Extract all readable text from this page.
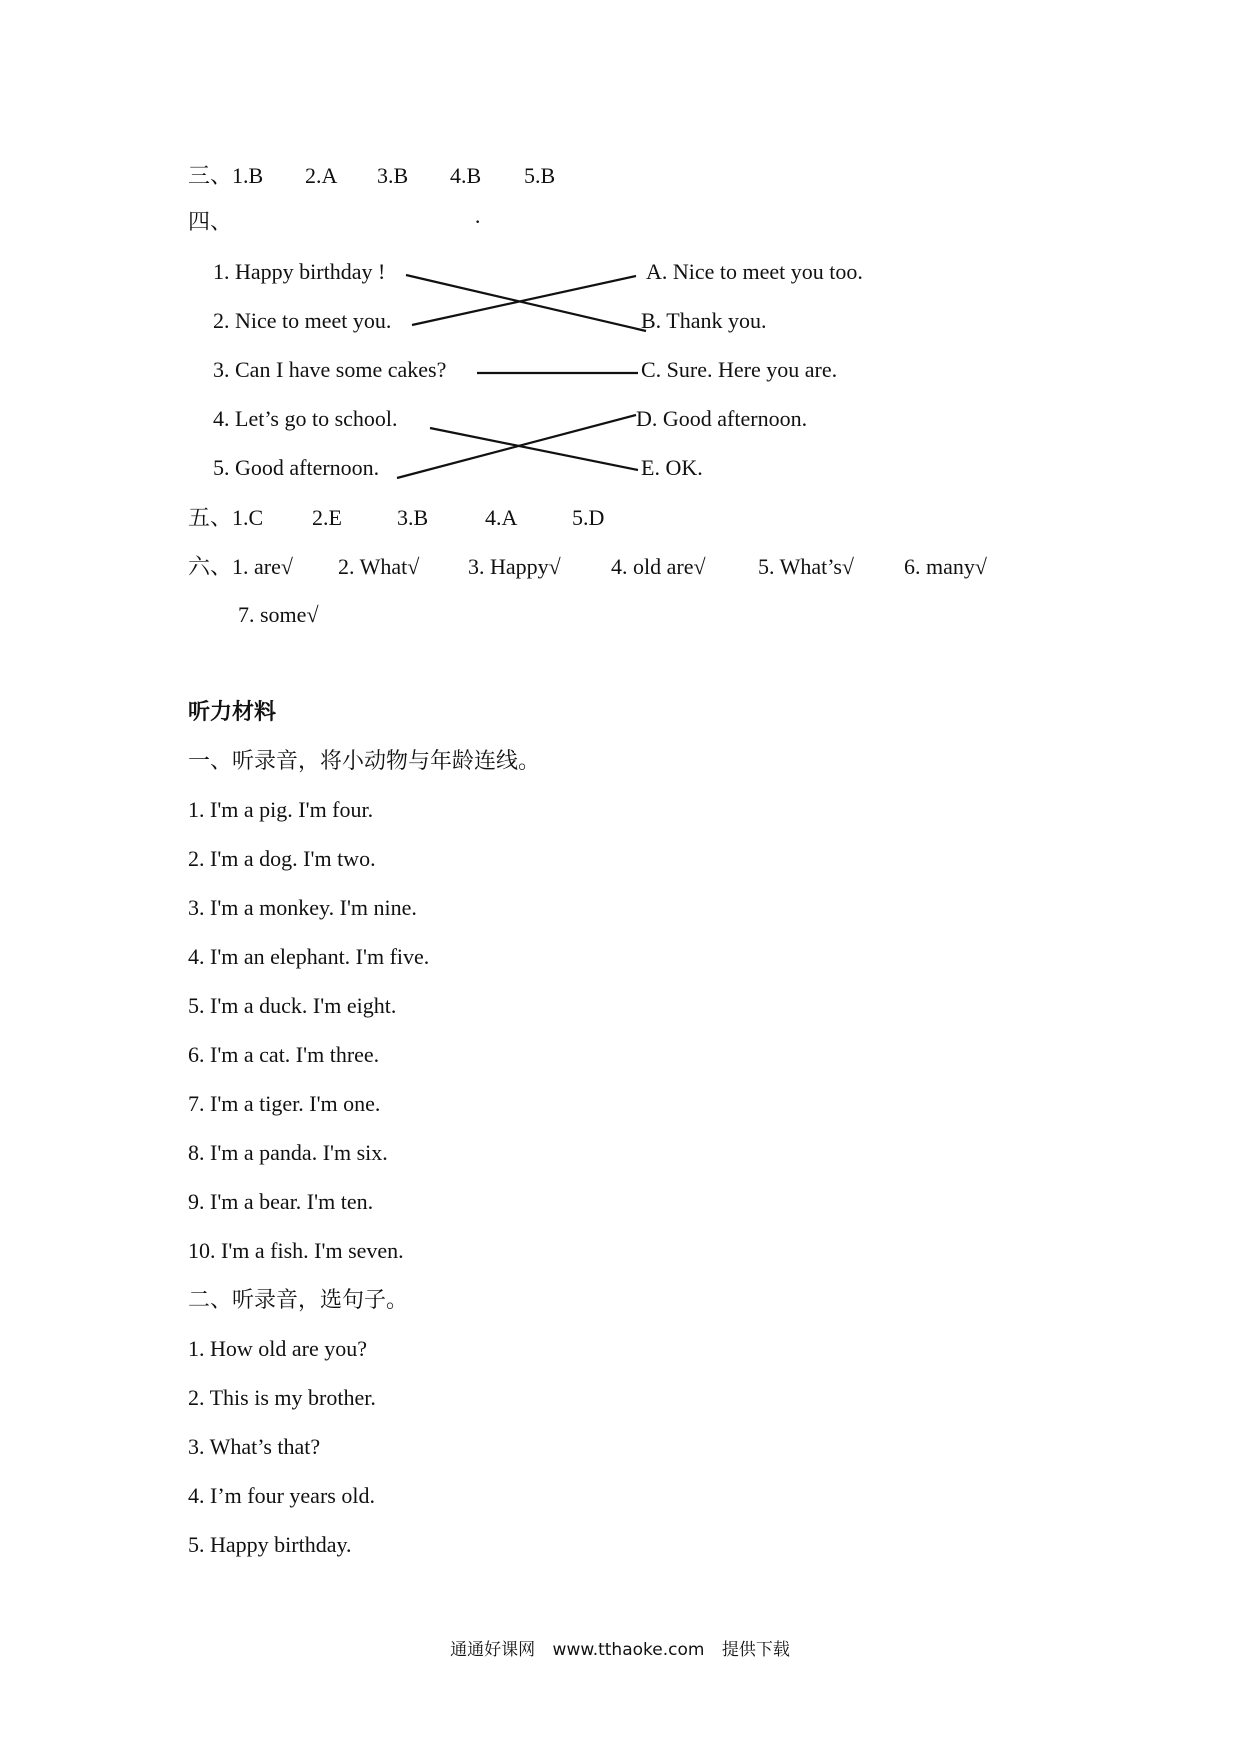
三、1.B 2.A 3.B 4.B 5.B
四、	·
1. Happy birthday !
2. Nice to meet you.
3. Can I have some cakes?
4. Let’s go to school.
5. Good afternoon.
A. Nice to meet you too.
B. Thank you.
C. Sure. Here you are.
D. Good afternoon.
E. OK.
五、1.C 2.E	3.B	4.A 5.D
六、1. are√ 2. What√ 3. Happy√ 4. old are√ 5. What’s√ 6. many√
7. some√
听力材料
一、听录音，将小动物与年龄连线。
1. I'm a pig. I'm four.
2. I'm a dog. I'm two.
3. I'm a monkey. I'm nine.
4. I'm an elephant. I'm five.
5. I'm a duck. I'm eight.
6. I'm a cat. I'm three.
7. I'm a tiger. I'm one.
8. I'm a panda. I'm six.
9. I'm a bear. I'm ten.
10. I'm a fish. I'm seven.
二、听录音，选句子。
1. How old are you?
2. This is my brother.
3. What’s that?
4. I’m four years old.
5. Happy birthday.
通通好课网 www.tthaoke.com 提供下载
